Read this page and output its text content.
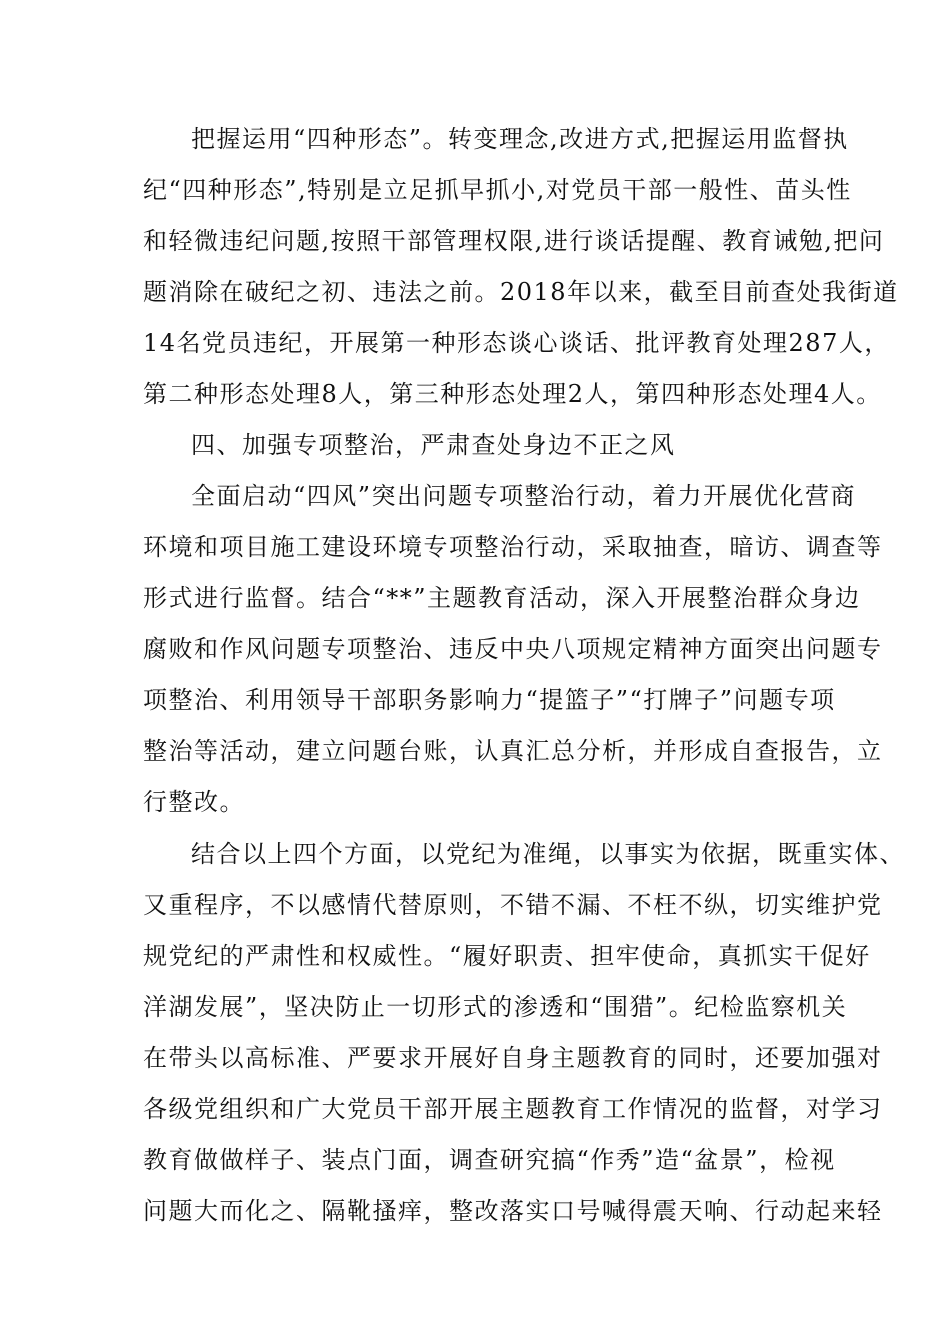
把握运用“四种形态”。转变理念,改进方式,把握运用监督执
纪“四种形态”,特别是立足抓早抓小,对党员干部一般性、苗头性
和轻微违纪问题,按照干部管理权限,进行谈话提醒、教育诫勉,把问
题消除在破纪之初、违法之前。2018年以来，截至目前查处我街道
14名党员违纪，开展第一种形态谈心谈话、批评教育处理287人，
第二种形态处理8人，第三种形态处理2人，第四种形态处理4人。
四、加强专项整治，严肃查处身边不正之风
全面启动“四风”突出问题专项整治行动，着力开展优化营商
环境和项目施工建设环境专项整治行动，采取抽查，暗访、调查等
形式进行监督。结合“**”主题教育活动，深入开展整治群众身边
腐败和作风问题专项整治、违反中央八项规定精神方面突出问题专
项整治、利用领导干部职务影响力“提篮子”“打牌子”问题专项
整治等活动，建立问题台账，认真汇总分析，并形成自查报告，立
行整改。
结合以上四个方面，以党纪为准绳，以事实为依据，既重实体、
又重程序，不以感情代替原则，不错不漏、不枉不纵，切实维护党
规党纪的严肃性和权威性。“履好职责、担牢使命，真抓实干促好
洋湖发展”，坚决防止一切形式的渗透和“围猎”。纪检监察机关
在带头以高标准、严要求开展好自身主题教育的同时，还要加强对
各级党组织和广大党员干部开展主题教育工作情况的监督，对学习
教育做做样子、装点门面，调查研究搞“作秀”造“盆景”，检视
问题大而化之、隔靴搔痒，整改落实口号喊得震天响、行动起来轻
